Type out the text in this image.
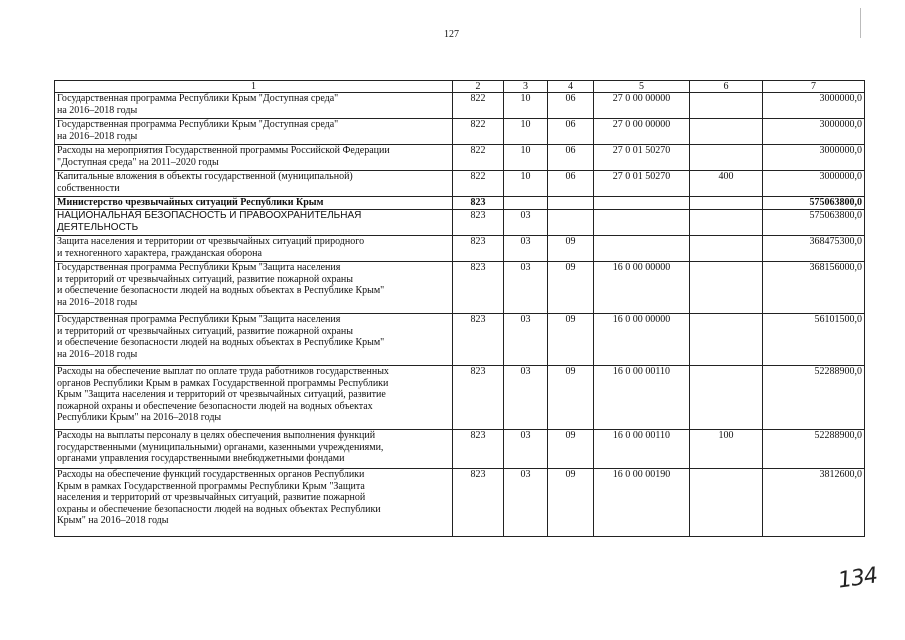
127
1	2	3	4	5	6	7
Государственная программа Республики Крым "Доступная среда"
на 2016–2018 годы	822	10	06	27 0 00 00000		3000000,0
Государственная программа Республики Крым "Доступная среда"
на 2016–2018 годы	822	10	06	27 0 00 00000		3000000,0
Расходы на мероприятия Государственной программы Российской Федерации
"Доступная среда" на 2011–2020 годы	822	10	06	27 0 01 50270		3000000,0
Капитальные вложения в объекты государственной (муниципальной)
собственности	822	10	06	27 0 01 50270	400	3000000,0
Министерство чрезвычайных ситуаций Республики Крым	823					575063800,0
НАЦИОНАЛЬНАЯ БЕЗОПАСНОСТЬ И ПРАВООХРАНИТЕЛЬНАЯ
ДЕЯТЕЛЬНОСТЬ	823	03				575063800,0
Защита населения и территории от чрезвычайных ситуаций природного
и техногенного характера, гражданская оборона	823	03	09			368475300,0
Государственная программа Республики Крым "Защита населения
и территорий от чрезвычайных ситуаций, развитие пожарной охраны
и обеспечение безопасности людей на водных объектах в Республике Крым"
на 2016–2018 годы	823	03	09	16 0 00 00000		368156000,0
Государственная программа Республики Крым "Защита населения
и территорий от чрезвычайных ситуаций, развитие пожарной охраны
и обеспечение безопасности людей на водных объектах в Республике Крым"
на 2016–2018 годы	823	03	09	16 0 00 00000		56101500,0
Расходы на обеспечение выплат по оплате труда работников государственных
органов Республики Крым в рамках Государственной программы Республики
Крым "Защита населения и территорий от чрезвычайных ситуаций, развитие
пожарной охраны и обеспечение безопасности людей на водных объектах
Республики Крым" на 2016–2018 годы	823	03	09	16 0 00 00110		52288900,0
Расходы на выплаты персоналу в целях обеспечения выполнения функций
государственными (муниципальными) органами, казенными учреждениями,
органами управления государственными внебюджетными фондами	823	03	09	16 0 00 00110	100	52288900,0
Расходы на обеспечение функций государственных органов Республики
Крым в рамках Государственной программы Республики Крым "Защита
населения и территорий от чрезвычайных ситуаций, развитие пожарной
охраны и обеспечение безопасности людей на водных объектах Республики
Крым" на 2016–2018 годы	823	03	09	16 0 00 00190		3812600,0
134
